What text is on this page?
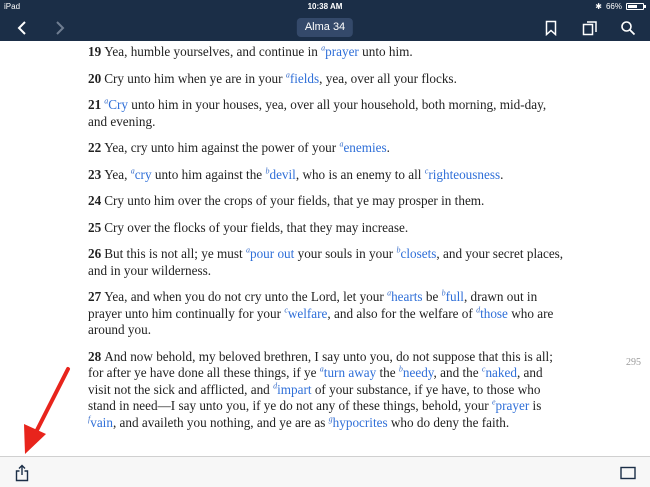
iPad	10:38 AM	✱ 66%
Alma 34

19 Yea, humble yourselves, and continue in $^a$prayer unto him.

20 Cry unto him when ye are in your $^a$fields, yea, over all your flocks.

21 $^a$Cry unto him in your houses, yea, over all your household, both morning, mid-day, and evening.

22 Yea, cry unto him against the power of your $^a$enemies.

23 Yea, $^a$cry unto him against the $^b$devil, who is an enemy to all $^c$righteousness.

24 Cry unto him over the crops of your fields, that ye may prosper in them.

25 Cry over the flocks of your fields, that they may increase.

26 But this is not all; ye must $^a$pour out your souls in your $^b$closets, and your secret places, and in your wilderness.

27 Yea, and when you do not cry unto the Lord, let your $^a$hearts be $^b$full, drawn out in prayer unto him continually for your $^c$welfare, and also for the welfare of $^d$those who are around you.

28 And now behold, my beloved brethren, I say unto you, do not suppose that this is all; for after ye have done all these things, if ye $^a$turn away the $^b$needy, and the $^c$naked, and visit not the sick and afflicted, and $^d$impart of your substance, if ye have, to those who stand in need—I say unto you, if ye do not any of these things, behold, your $^e$prayer is $^f$vain, and availeth you nothing, and ye are as $^g$hypocrites who do deny the faith.

295
